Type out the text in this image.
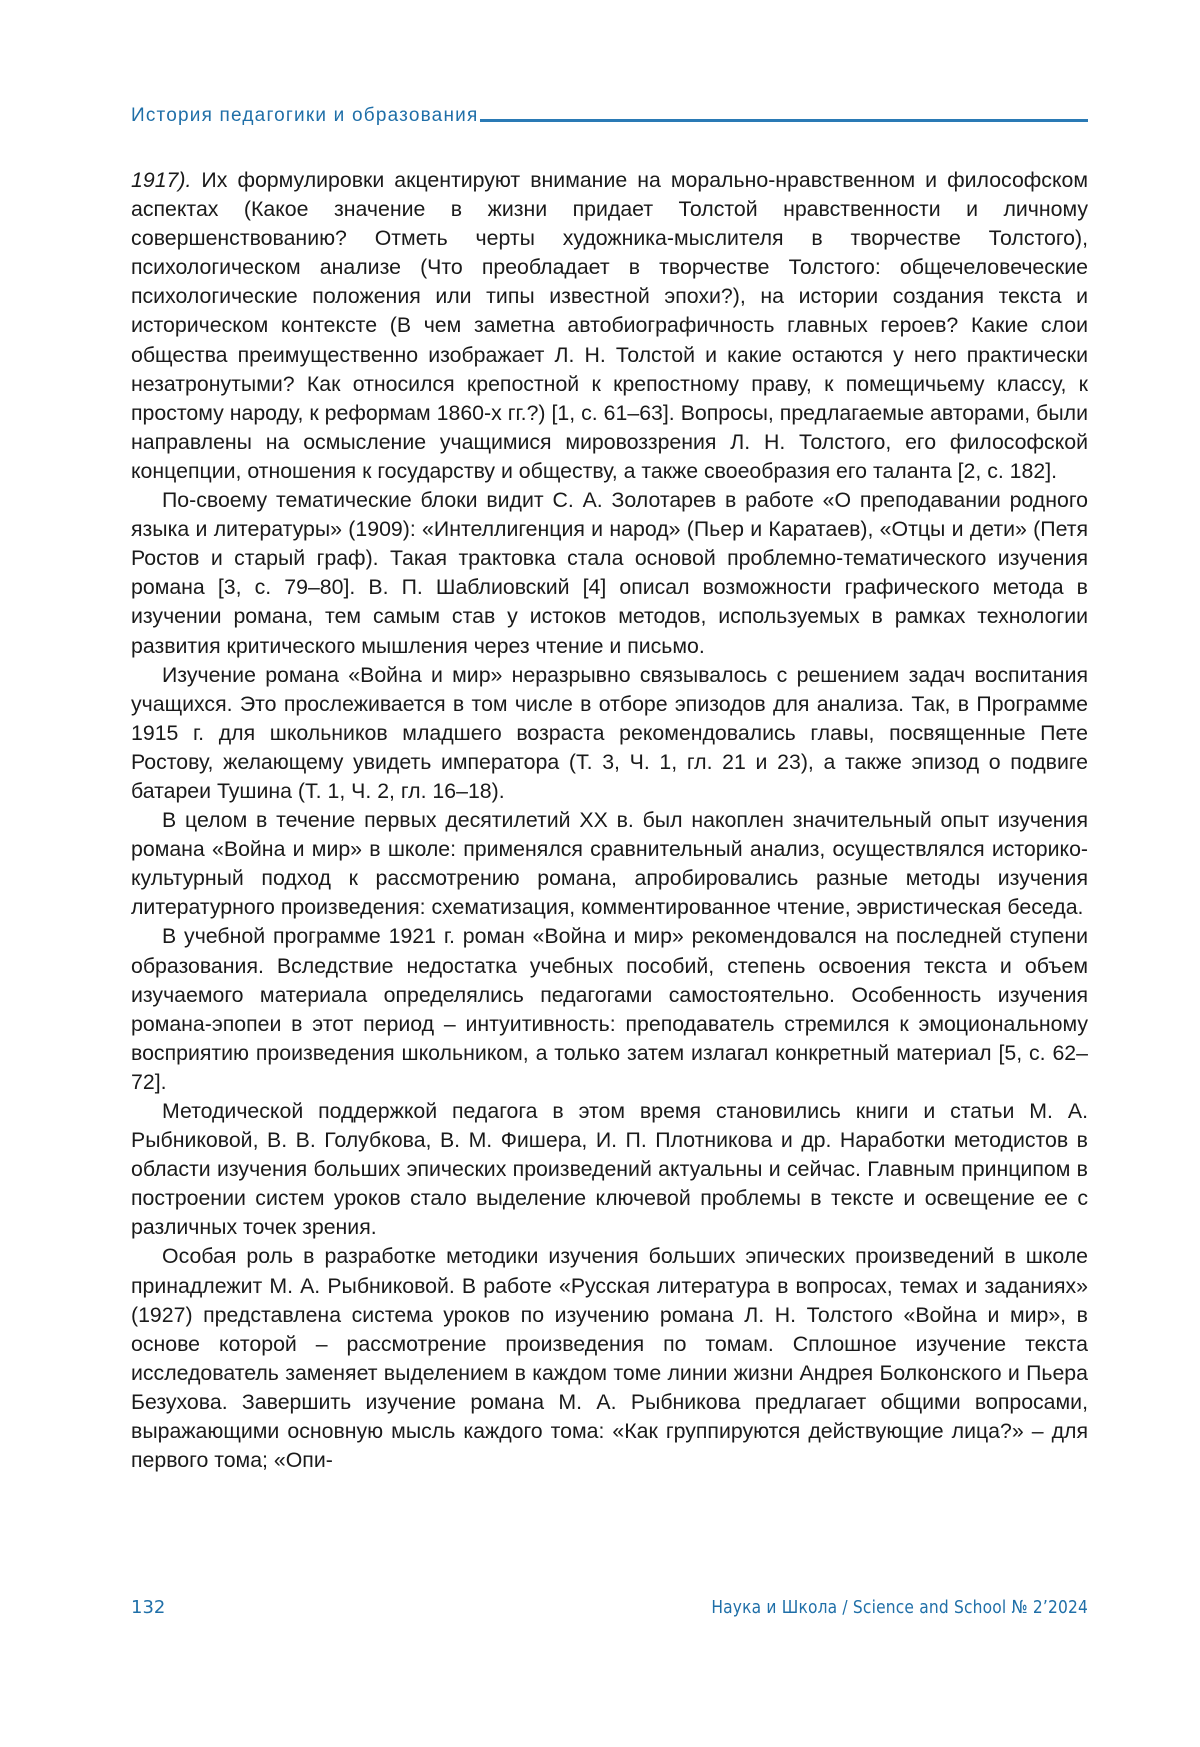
История педагогики и образования

1917). Их формулировки акцентируют внимание на морально-нравственном и философском аспектах (Какое значение в жизни придает Толстой нравственности и личному совершенствованию? Отметь черты художника-мыслителя в творчестве Толстого), психологическом анализе (Что преобладает в творчестве Толстого: общечеловеческие психологические положения или типы известной эпохи?), на истории создания текста и историческом контексте (В чем заметна автобиографичность главных героев? Какие слои общества преимущественно изображает Л. Н. Толстой и какие остаются у него практически незатронутыми? Как относился крепостной к крепостному праву, к помещичьему классу, к простому народу, к реформам 1860-х гг.?) [1, с. 61–63]. Вопросы, предлагаемые авторами, были направлены на осмысление учащимися мировоззрения Л. Н. Толстого, его философской концепции, отношения к государству и обществу, а также своеобразия его таланта [2, с. 182].

По-своему тематические блоки видит С. А. Золотарев в работе «О преподавании родного языка и литературы» (1909): «Интеллигенция и народ» (Пьер и Каратаев), «Отцы и дети» (Петя Ростов и старый граф). Такая трактовка стала основой проблемно-тематического изучения романа [3, с. 79–80]. В. П. Шаблиовский [4] описал возможности графического метода в изучении романа, тем самым став у истоков методов, используемых в рамках технологии развития критического мышления через чтение и письмо.

Изучение романа «Война и мир» неразрывно связывалось с решением задач воспитания учащихся. Это прослеживается в том числе в отборе эпизодов для анализа. Так, в Программе 1915 г. для школьников младшего возраста рекомендовались главы, посвященные Пете Ростову, желающему увидеть императора (Т. 3, Ч. 1, гл. 21 и 23), а также эпизод о подвиге батареи Тушина (Т. 1, Ч. 2, гл. 16–18).

В целом в течение первых десятилетий XX в. был накоплен значительный опыт изучения романа «Война и мир» в школе: применялся сравнительный анализ, осуществлялся историко-культурный подход к рассмотрению романа, апробировались разные методы изучения литературного произведения: схематизация, комментированное чтение, эвристическая беседа.

В учебной программе 1921 г. роман «Война и мир» рекомендовался на последней ступени образования. Вследствие недостатка учебных пособий, степень освоения текста и объем изучаемого материала определялись педагогами самостоятельно. Особенность изучения романа-эпопеи в этот период – интуитивность: преподаватель стремился к эмоциональному восприятию произведения школьником, а только затем излагал конкретный материал [5, с. 62–72].

Методической поддержкой педагога в этом время становились книги и статьи М. А. Рыбниковой, В. В. Голубкова, В. М. Фишера, И. П. Плотникова и др. Наработки методистов в области изучения больших эпических произведений актуальны и сейчас. Главным принципом в построении систем уроков стало выделение ключевой проблемы в тексте и освещение ее с различных точек зрения.

Особая роль в разработке методики изучения больших эпических произведений в школе принадлежит М. А. Рыбниковой. В работе «Русская литература в вопросах, темах и заданиях» (1927) представлена система уроков по изучению романа Л. Н. Толстого «Война и мир», в основе которой – рассмотрение произведения по томам. Сплошное изучение текста исследователь заменяет выделением в каждом томе линии жизни Андрея Болконского и Пьера Безухова. Завершить изучение романа М. А. Рыбникова предлагает общими вопросами, выражающими основную мысль каждого тома: «Как группируются действующие лица?» – для первого тома; «Опи-

132	Наука и Школа / Science and School № 2’2024
